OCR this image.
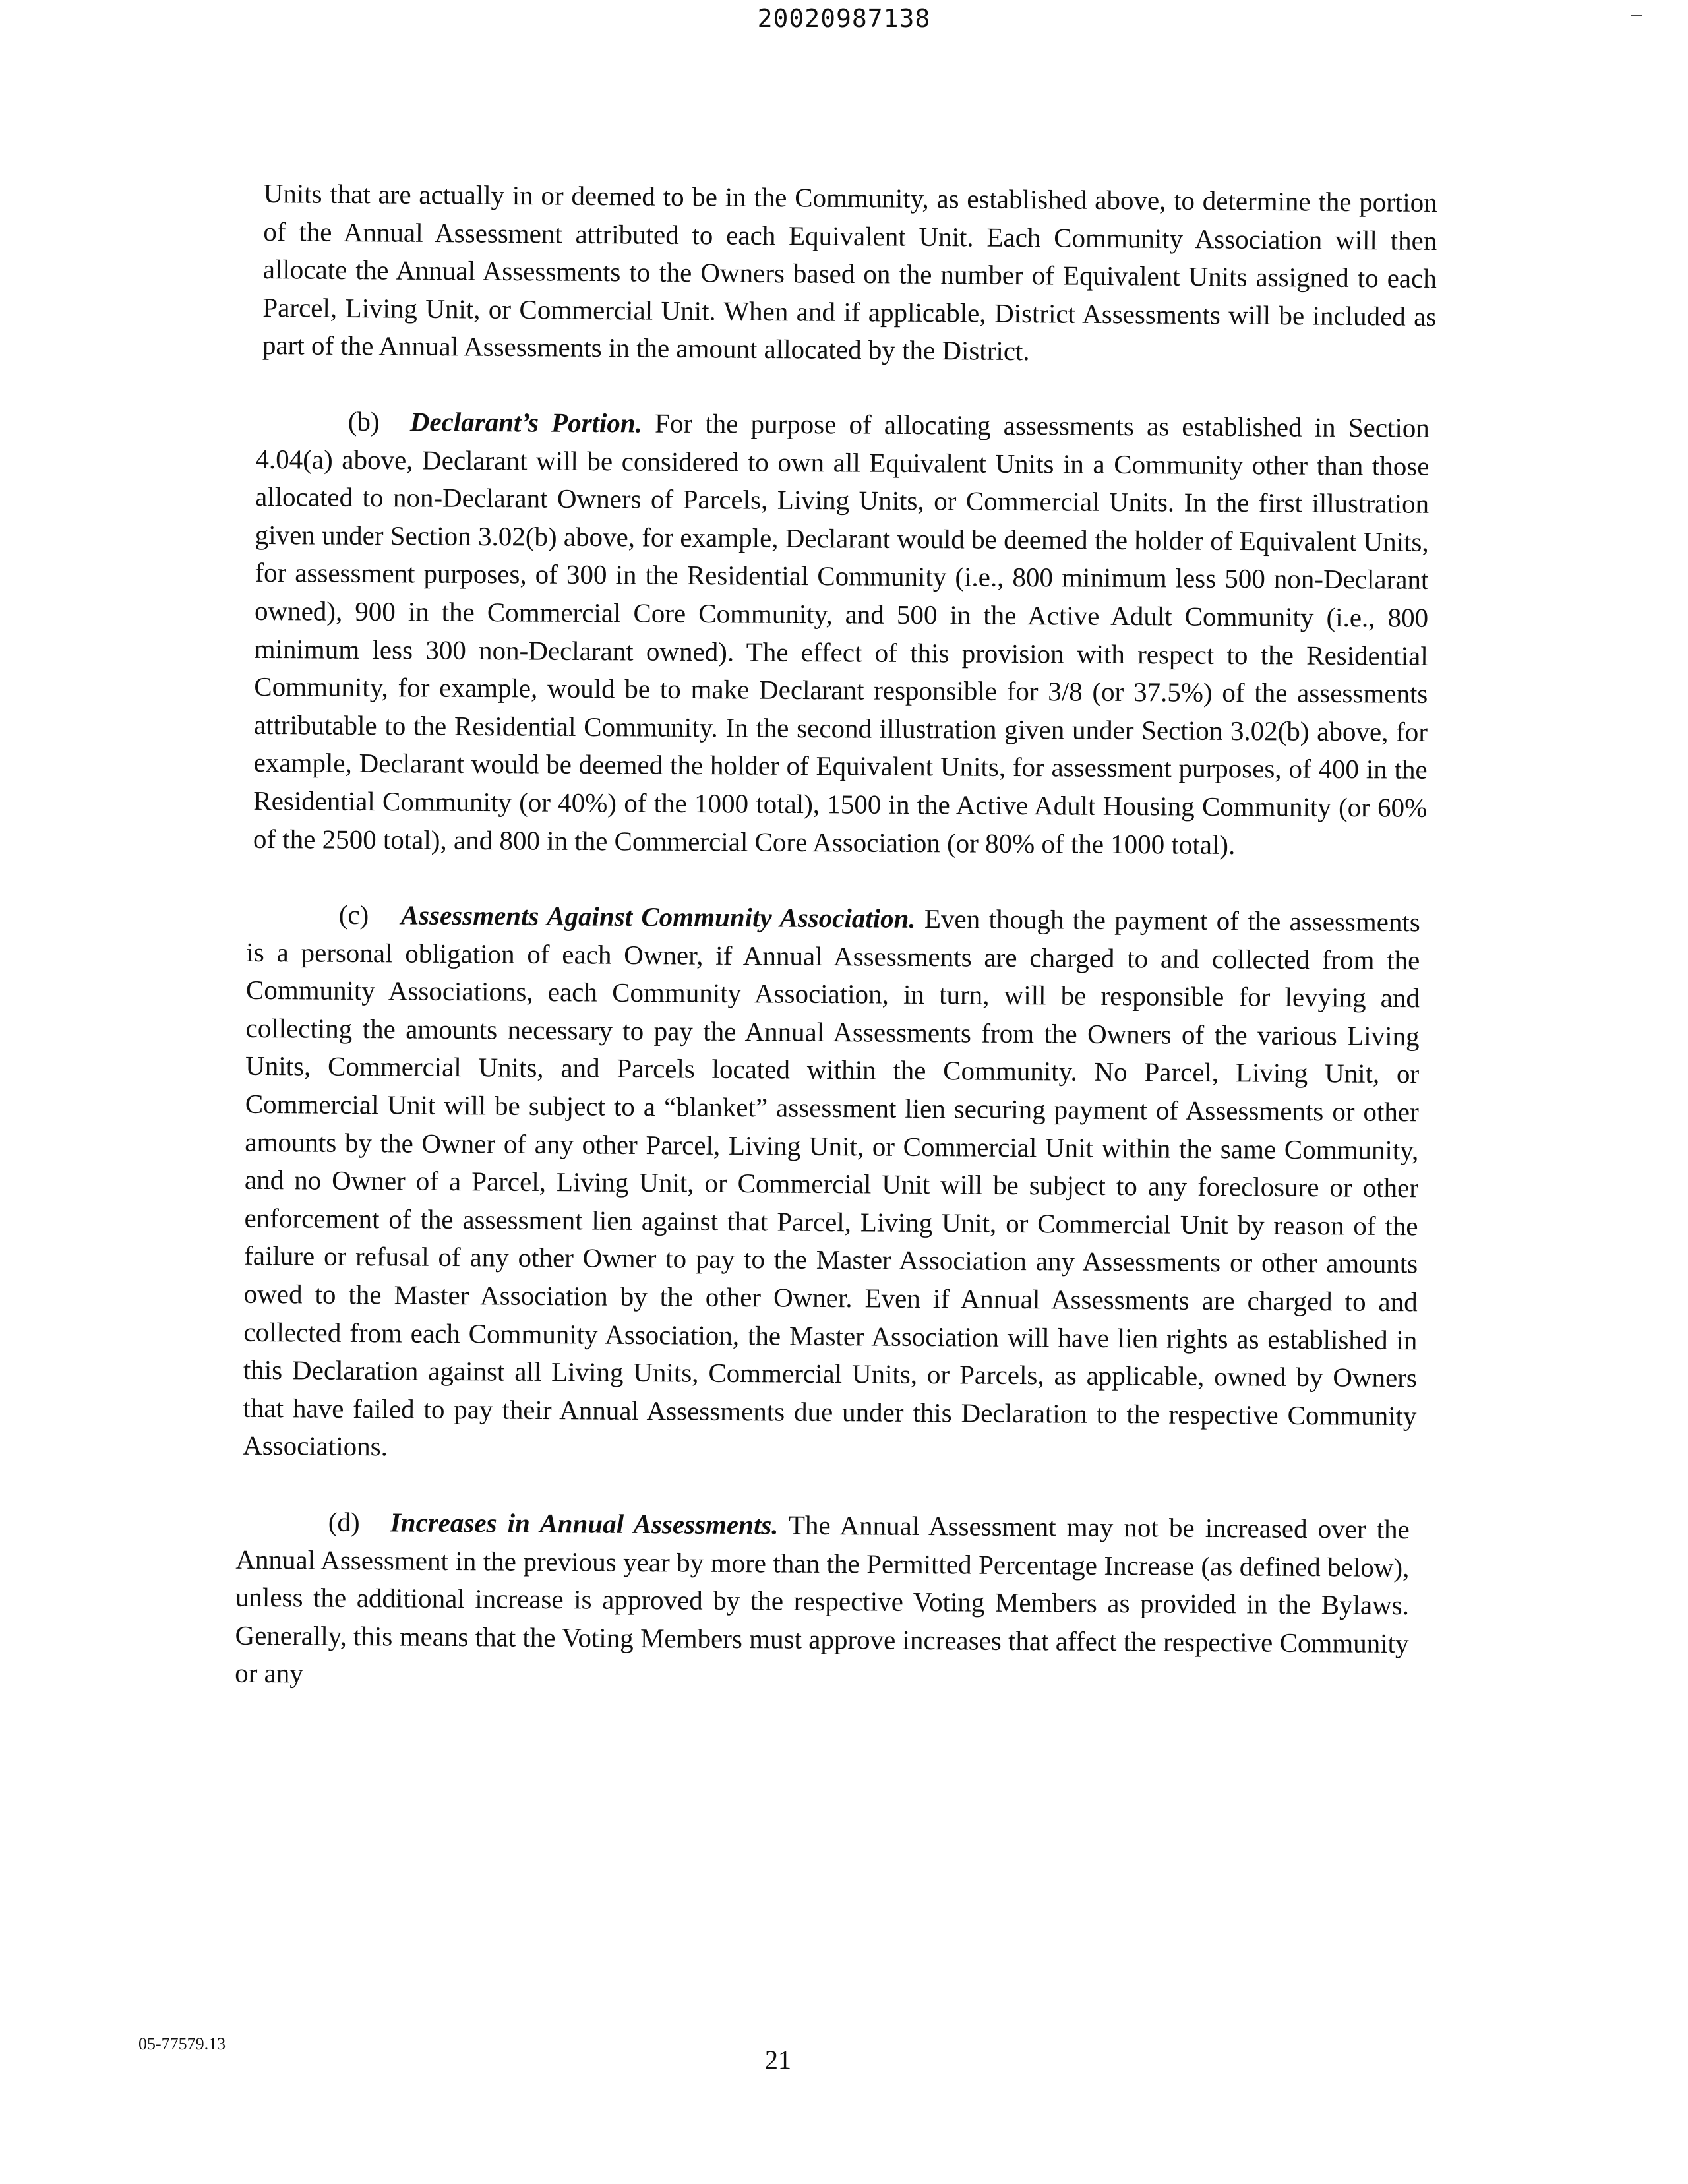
20020987138

Units that are actually in or deemed to be in the Community, as established above, to determine the portion of the Annual Assessment attributed to each Equivalent Unit. Each Community Association will then allocate the Annual Assessments to the Owners based on the number of Equivalent Units assigned to each Parcel, Living Unit, or Commercial Unit. When and if applicable, District Assessments will be included as part of the Annual Assessments in the amount allocated by the District.

(b) Declarant’s Portion. For the purpose of allocating assessments as established in Section 4.04(a) above, Declarant will be considered to own all Equivalent Units in a Community other than those allocated to non-Declarant Owners of Parcels, Living Units, or Commercial Units. In the first illustration given under Section 3.02(b) above, for example, Declarant would be deemed the holder of Equivalent Units, for assessment purposes, of 300 in the Residential Community (i.e., 800 minimum less 500 non-Declarant owned), 900 in the Commercial Core Community, and 500 in the Active Adult Community (i.e., 800 minimum less 300 non-Declarant owned). The effect of this provision with respect to the Residential Community, for example, would be to make Declarant responsible for 3/8 (or 37.5%) of the assessments attributable to the Residential Community. In the second illustration given under Section 3.02(b) above, for example, Declarant would be deemed the holder of Equivalent Units, for assessment purposes, of 400 in the Residential Community (or 40%) of the 1000 total), 1500 in the Active Adult Housing Community (or 60% of the 2500 total), and 800 in the Commercial Core Association (or 80% of the 1000 total).

(c) Assessments Against Community Association. Even though the payment of the assessments is a personal obligation of each Owner, if Annual Assessments are charged to and collected from the Community Associations, each Community Association, in turn, will be responsible for levying and collecting the amounts necessary to pay the Annual Assessments from the Owners of the various Living Units, Commercial Units, and Parcels located within the Community. No Parcel, Living Unit, or Commercial Unit will be subject to a “blanket” assessment lien securing payment of Assessments or other amounts by the Owner of any other Parcel, Living Unit, or Commercial Unit within the same Community, and no Owner of a Parcel, Living Unit, or Commercial Unit will be subject to any foreclosure or other enforcement of the assessment lien against that Parcel, Living Unit, or Commercial Unit by reason of the failure or refusal of any other Owner to pay to the Master Association any Assessments or other amounts owed to the Master Association by the other Owner. Even if Annual Assessments are charged to and collected from each Community Association, the Master Association will have lien rights as established in this Declaration against all Living Units, Commercial Units, or Parcels, as applicable, owned by Owners that have failed to pay their Annual Assessments due under this Declaration to the respective Community Associations.

(d) Increases in Annual Assessments. The Annual Assessment may not be increased over the Annual Assessment in the previous year by more than the Permitted Percentage Increase (as defined below), unless the additional increase is approved by the respective Voting Members as provided in the Bylaws. Generally, this means that the Voting Members must approve increases that affect the respective Community or any

05-77579.13
21
